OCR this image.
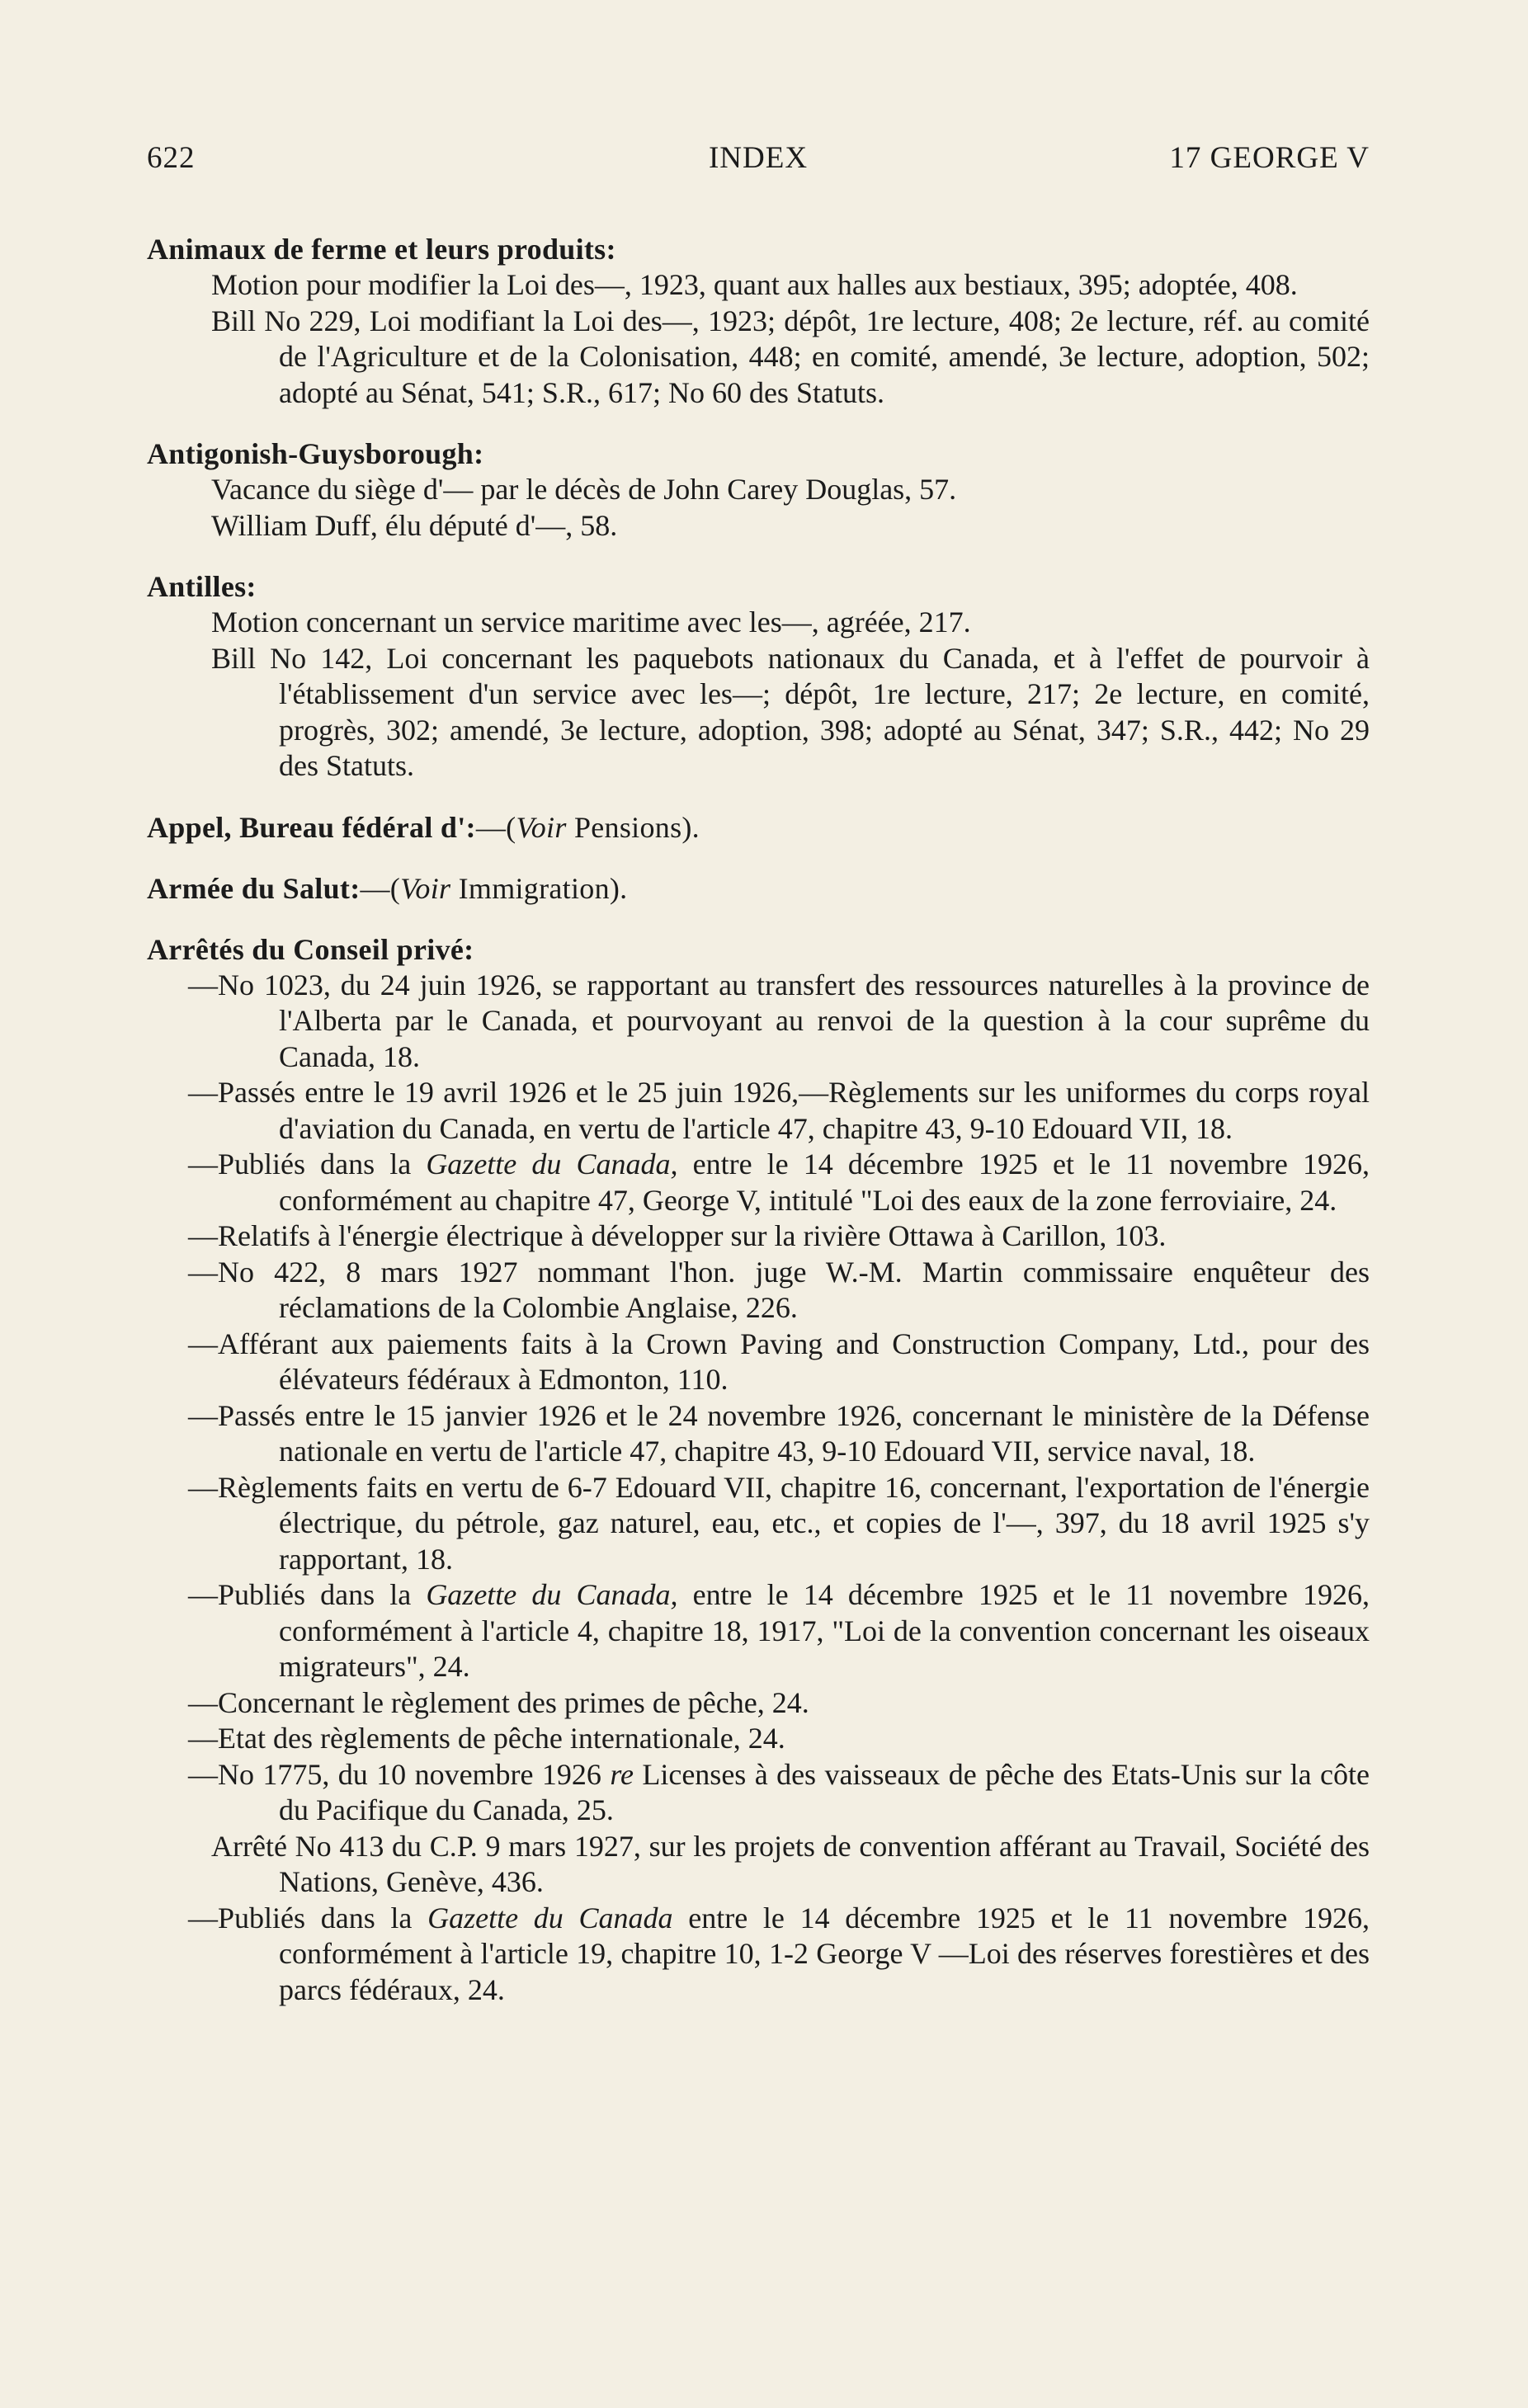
622	INDEX	17 GEORGE V
Animaux de ferme et leurs produits:

Motion pour modifier la Loi des—, 1923, quant aux halles aux bestiaux, 395; adoptée, 408.

Bill No 229, Loi modifiant la Loi des—, 1923; dépôt, 1re lecture, 408; 2e lecture, réf. au comité de l'Agriculture et de la Colonisation, 448; en comité, amendé, 3e lecture, adoption, 502; adopté au Sénat, 541; S.R., 617; No 60 des Statuts.

Antigonish-Guysborough:

Vacance du siège d'— par le décès de John Carey Douglas, 57.

William Duff, élu député d'—, 58.

Antilles:

Motion concernant un service maritime avec les—, agréée, 217.

Bill No 142, Loi concernant les paquebots nationaux du Canada, et à l'effet de pourvoir à l'établissement d'un service avec les—; dépôt, 1re lecture, 217; 2e lecture, en comité, progrès, 302; amendé, 3e lecture, adoption, 398; adopté au Sénat, 347; S.R., 442; No 29 des Statuts.

Appel, Bureau fédéral d':—(Voir Pensions).
Armée du Salut:—(Voir Immigration).
Arrêtés du Conseil privé:

—No 1023, du 24 juin 1926, se rapportant au transfert des ressources naturelles à la province de l'Alberta par le Canada, et pourvoyant au renvoi de la question à la cour suprême du Canada, 18.

—Passés entre le 19 avril 1926 et le 25 juin 1926,—Règlements sur les uniformes du corps royal d'aviation du Canada, en vertu de l'article 47, chapitre 43, 9-10 Edouard VII, 18.

—Publiés dans la Gazette du Canada, entre le 14 décembre 1925 et le 11 novembre 1926, conformément au chapitre 47, George V, intitulé "Loi des eaux de la zone ferroviaire, 24.

—Relatifs à l'énergie électrique à développer sur la rivière Ottawa à Carillon, 103.

—No 422, 8 mars 1927 nommant l'hon. juge W.-M. Martin commissaire enquêteur des réclamations de la Colombie Anglaise, 226.

—Afférant aux paiements faits à la Crown Paving and Construction Company, Ltd., pour des élévateurs fédéraux à Edmonton, 110.

—Passés entre le 15 janvier 1926 et le 24 novembre 1926, concernant le ministère de la Défense nationale en vertu de l'article 47, chapitre 43, 9-10 Edouard VII, service naval, 18.

—Règlements faits en vertu de 6-7 Edouard VII, chapitre 16, concernant, l'exportation de l'énergie électrique, du pétrole, gaz naturel, eau, etc., et copies de l'—, 397, du 18 avril 1925 s'y rapportant, 18.

—Publiés dans la Gazette du Canada, entre le 14 décembre 1925 et le 11 novembre 1926, conformément à l'article 4, chapitre 18, 1917, "Loi de la convention concernant les oiseaux migrateurs", 24.

—Concernant le règlement des primes de pêche, 24.

—Etat des règlements de pêche internationale, 24.

—No 1775, du 10 novembre 1926 re Licenses à des vaisseaux de pêche des Etats-Unis sur la côte du Pacifique du Canada, 25.

Arrêté No 413 du C.P. 9 mars 1927, sur les projets de convention afférant au Travail, Société des Nations, Genève, 436.

—Publiés dans la Gazette du Canada entre le 14 décembre 1925 et le 11 novembre 1926, conformément à l'article 19, chapitre 10, 1-2 George V —Loi des réserves forestières et des parcs fédéraux, 24.
